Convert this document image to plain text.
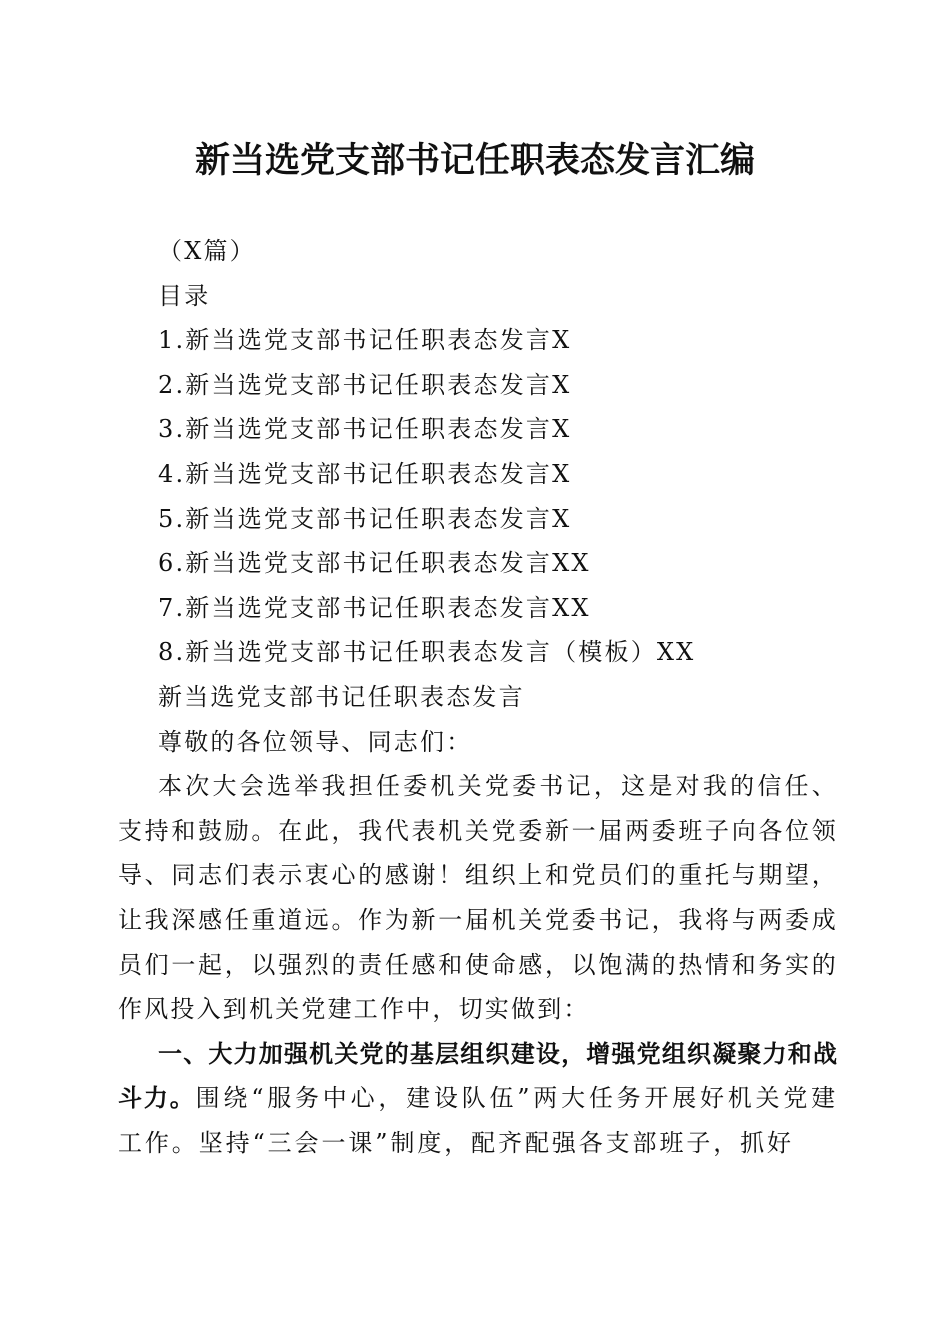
新当选党支部书记任职表态发言汇编
（X篇）
目录
1.新当选党支部书记任职表态发言X
2.新当选党支部书记任职表态发言X
3.新当选党支部书记任职表态发言X
4.新当选党支部书记任职表态发言X
5.新当选党支部书记任职表态发言X
6.新当选党支部书记任职表态发言XX
7.新当选党支部书记任职表态发言XX
8.新当选党支部书记任职表态发言（模板）XX
新当选党支部书记任职表态发言
尊敬的各位领导、同志们：

本次大会选举我担任委机关党委书记，这是对我的信任、支持和鼓励。在此，我代表机关党委新一届两委班子向各位领导、同志们表示衷心的感谢！组织上和党员们的重托与期望，让我深感任重道远。作为新一届机关党委书记，我将与两委成员们一起，以强烈的责任感和使命感，以饱满的热情和务实的作风投入到机关党建工作中，切实做到：

一、大力加强机关党的基层组织建设，增强党组织凝聚力和战斗力。围绕“服务中心，建设队伍”两大任务开展好机关党建工作。坚持“三会一课”制度，配齐配强各支部班子，抓好
